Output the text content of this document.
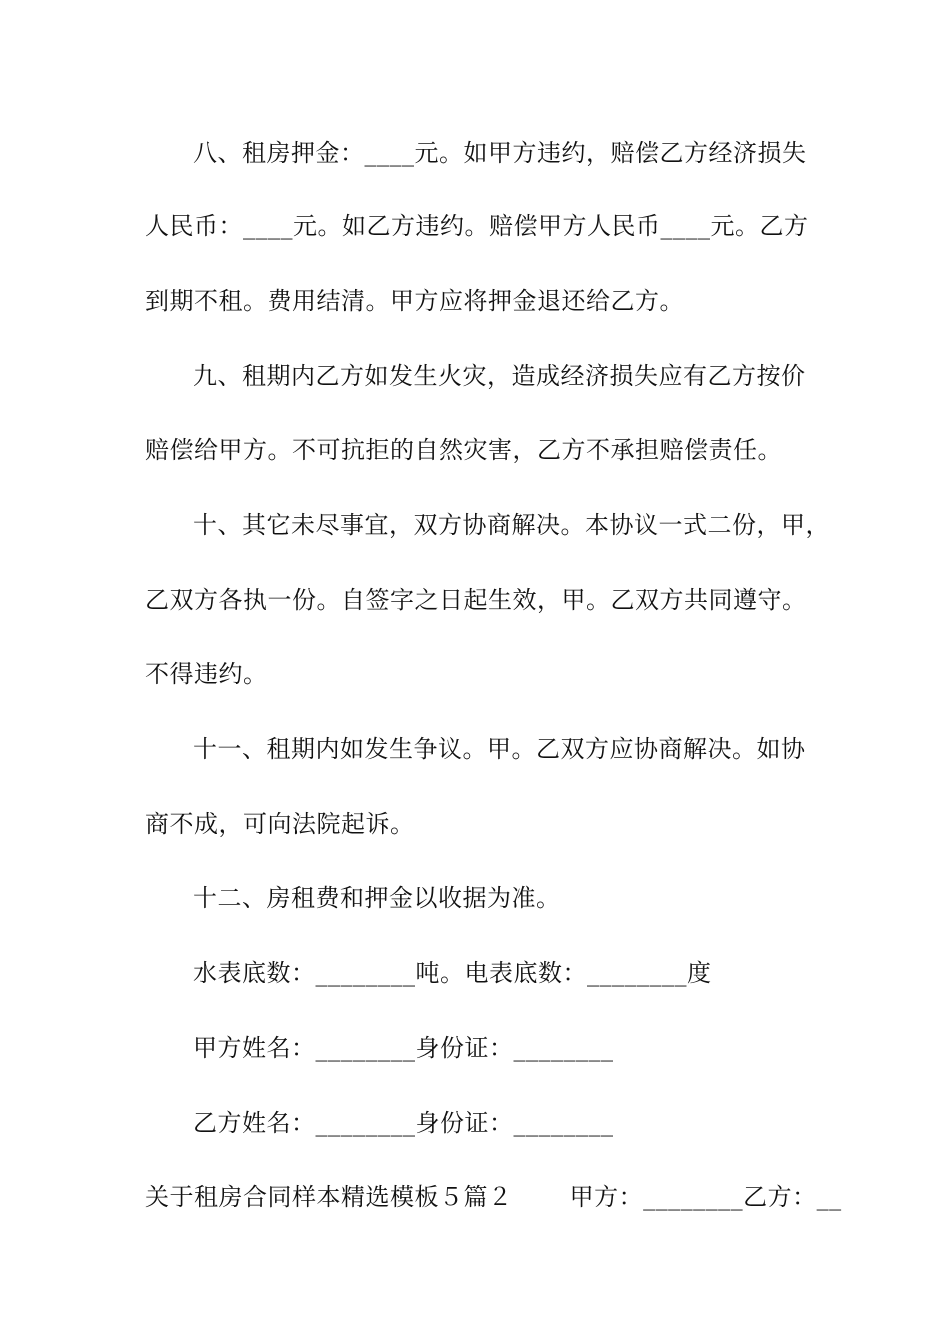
八、租房押金：____元。如甲方违约，赔偿乙方经济损失
人民币：____元。如乙方违约。赔偿甲方人民币____元。乙方
到期不租。费用结清。甲方应将押金退还给乙方。
九、租期内乙方如发生火灾，造成经济损失应有乙方按价
赔偿给甲方。不可抗拒的自然灾害，乙方不承担赔偿责任。
十、其它未尽事宜，双方协商解决。本协议一式二份，甲，
乙双方各执一份。自签字之日起生效，甲。乙双方共同遵守。
不得违约。
十一、租期内如发生争议。甲。乙双方应协商解决。如协
商不成，可向法院起诉。
十二、房租费和押金以收据为准。
水表底数：________吨。电表底数：________度
甲方姓名：________身份证：________
乙方姓名：________身份证：________
关于租房合同样本精选模板５篇２　　 甲方：________乙方：__
